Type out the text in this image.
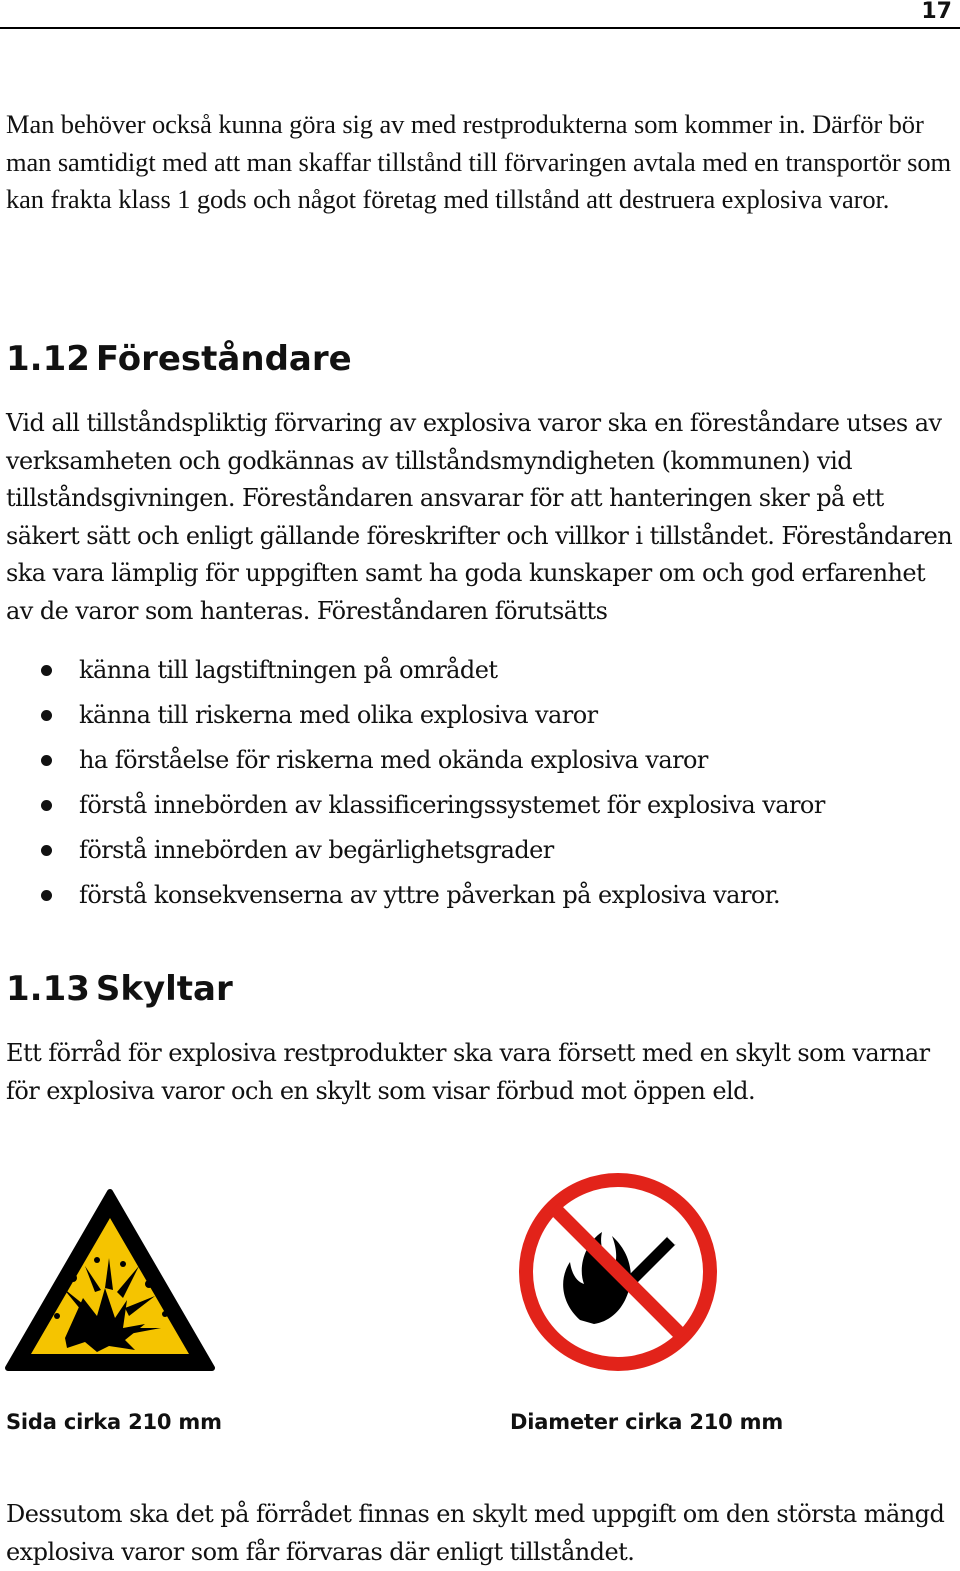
17

Man behöver också kunna göra sig av med restprodukterna som kommer in. Därför bör man samtidigt med att man skaffar tillstånd till förvaringen avtala med en transportör som kan frakta klass 1 gods och något företag med tillstånd att destruera explosiva varor.

1.12 Föreståndare

Vid all tillståndspliktig förvaring av explosiva varor ska en föreståndare utses av verksamheten och godkännas av tillståndsmyndigheten (kommunen) vid tillståndsgivningen. Föreståndaren ansvarar för att hanteringen sker på ett säkert sätt och enligt gällande föreskrifter och villkor i tillståndet. Föreståndaren ska vara lämplig för uppgiften samt ha goda kunskaper om och god erfarenhet av de varor som hanteras. Föreståndaren förutsätts

känna till lagstiftningen på området
känna till riskerna med olika explosiva varor
ha förståelse för riskerna med okända explosiva varor
förstå innebörden av klassificeringssystemet för explosiva varor
förstå innebörden av begärlighetsgrader
förstå konsekvenserna av yttre påverkan på explosiva varor.
1.13 Skyltar

Ett förråd för explosiva restprodukter ska vara försett med en skylt som varnar för explosiva varor och en skylt som visar förbud mot öppen eld.

Sida cirka 210 mm	Diameter cirka 210 mm

Dessutom ska det på förrådet finnas en skylt med uppgift om den största mängd explosiva varor som får förvaras där enligt tillståndet.
